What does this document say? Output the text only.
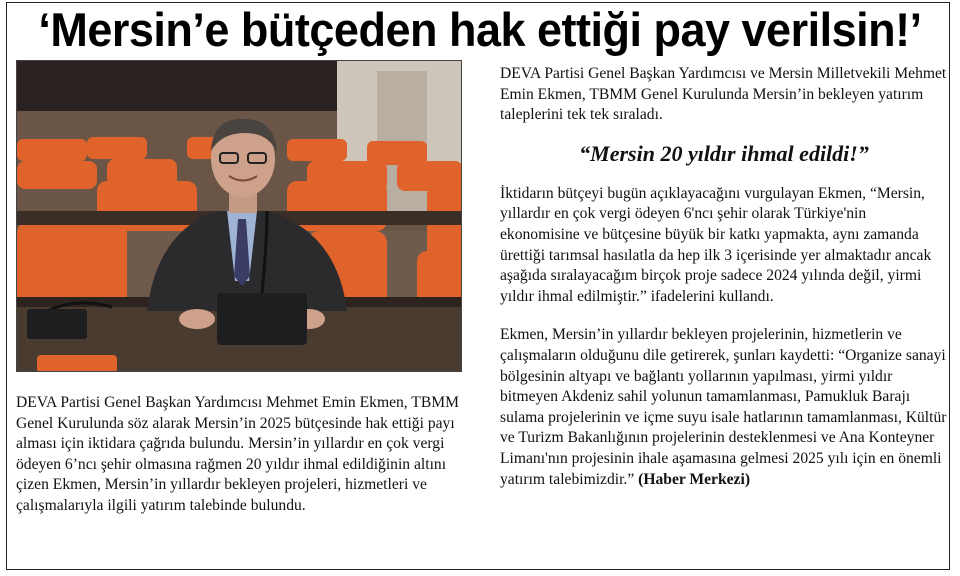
‘Mersin’e bütçeden hak ettiği pay verilsin!’

DEVA Partisi Genel Başkan Yardımcısı Mehmet Emin Ekmen, TBMM Genel Kurulunda söz alarak Mersin’in 2025 bütçesinde hak ettiği payı alması için iktidara çağrıda bulundu. Mersin’in yıllardır en çok vergi ödeyen 6’ncı şehir olmasına rağmen 20 yıldır ihmal edildiğinin altını çizen Ekmen, Mersin’in yıllardır bekleyen projeleri, hizmetleri ve çalışmalarıyla ilgili yatırım talebinde bulundu.

DEVA Partisi Genel Başkan Yardımcısı ve Mersin Milletvekili Mehmet Emin Ekmen, TBMM Genel Kurulunda Mersin’in bekleyen yatırım taleplerini tek tek sıraladı.

“Mersin 20 yıldır ihmal edildi!”

İktidarın bütçeyi bugün açıklayacağını vurgulayan Ekmen, “Mersin, yıllardır en çok vergi ödeyen 6'ncı şehir olarak Türkiye'nin ekonomisine ve bütçesine büyük bir katkı yapmakta, aynı zamanda ürettiği tarımsal hasılatla da hep ilk 3 içerisinde yer almaktadır ancak aşağıda sıralayacağım birçok proje sadece 2024 yılında değil, yirmi yıldır ihmal edilmiştir.” ifadelerini kullandı.

Ekmen, Mersin’in yıllardır bekleyen projelerinin, hizmetlerin ve çalışmaların olduğunu dile getirerek, şunları kaydetti: “Organize sanayi bölgesinin altyapı ve bağlantı yollarının yapılması, yirmi yıldır bitmeyen Akdeniz sahil yolunun tamamlanması, Pamukluk Barajı sulama projelerinin ve içme suyu isale hatlarının tamamlanması, Kültür ve Turizm Bakanlığının projelerinin desteklenmesi ve Ana Konteyner Limanı'nın projesinin ihale aşamasına gelmesi 2025 yılı için en önemli yatırım talebimizdir.” (Haber Merkezi)
